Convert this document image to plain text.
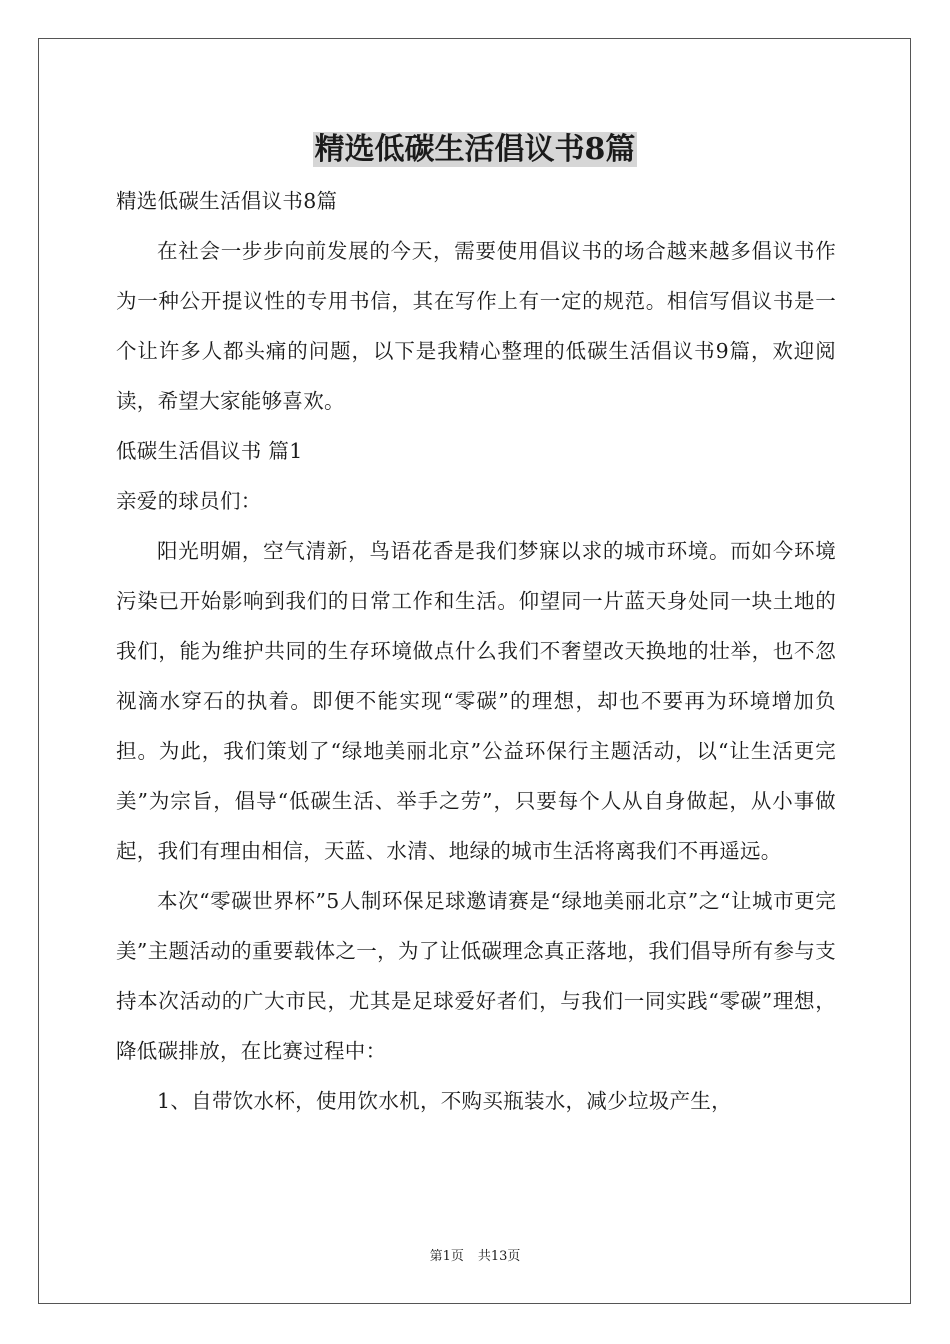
精选低碳生活倡议书8篇

精选低碳生活倡议书8篇

在社会一步步向前发展的今天，需要使用倡议书的场合越来越多倡议书作为一种公开提议性的专用书信，其在写作上有一定的规范。相信写倡议书是一个让许多人都头痛的问题，以下是我精心整理的低碳生活倡议书9篇，欢迎阅读，希望大家能够喜欢。

低碳生活倡议书 篇1

亲爱的球员们：

阳光明媚，空气清新，鸟语花香是我们梦寐以求的城市环境。而如今环境污染已开始影响到我们的日常工作和生活。仰望同一片蓝天身处同一块土地的我们，能为维护共同的生存环境做点什么我们不奢望改天换地的壮举，也不忽视滴水穿石的执着。即便不能实现“零碳”的理想，却也不要再为环境增加负担。为此，我们策划了“绿地美丽北京”公益环保行主题活动，以“让生活更完美”为宗旨，倡导“低碳生活、举手之劳”，只要每个人从自身做起，从小事做起，我们有理由相信，天蓝、水清、地绿的城市生活将离我们不再遥远。

本次“零碳世界杯”5人制环保足球邀请赛是“绿地美丽北京”之“让城市更完美”主题活动的重要载体之一，为了让低碳理念真正落地，我们倡导所有参与支持本次活动的广大市民，尤其是足球爱好者们，与我们一同实践“零碳”理想，降低碳排放，在比赛过程中：

1、自带饮水杯，使用饮水机，不购买瓶装水，减少垃圾产生，

第1页 共13页
